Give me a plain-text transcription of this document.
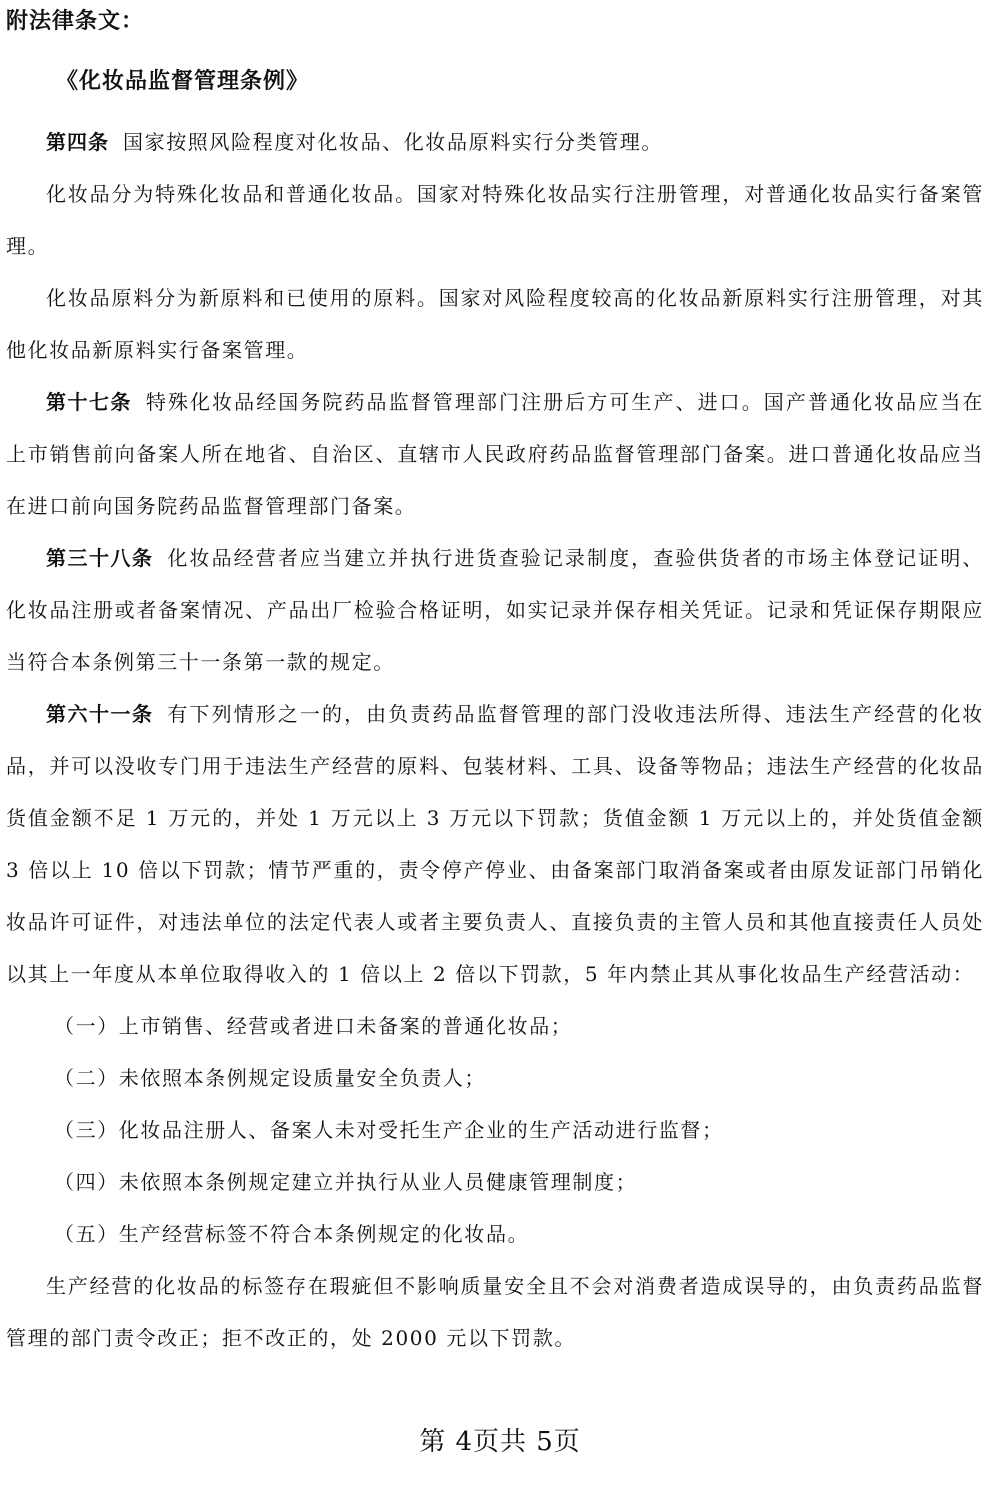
附法律条文：
《化妆品监督管理条例》

第四条 国家按照风险程度对化妆品、化妆品原料实行分类管理。

化妆品分为特殊化妆品和普通化妆品。国家对特殊化妆品实行注册管理，对普通化妆品实行备案管理。

化妆品原料分为新原料和已使用的原料。国家对风险程度较高的化妆品新原料实行注册管理，对其他化妆品新原料实行备案管理。

第十七条 特殊化妆品经国务院药品监督管理部门注册后方可生产、进口。国产普通化妆品应当在上市销售前向备案人所在地省、自治区、直辖市人民政府药品监督管理部门备案。进口普通化妆品应当在进口前向国务院药品监督管理部门备案。

第三十八条 化妆品经营者应当建立并执行进货查验记录制度，查验供货者的市场主体登记证明、化妆品注册或者备案情况、产品出厂检验合格证明，如实记录并保存相关凭证。记录和凭证保存期限应当符合本条例第三十一条第一款的规定。

第六十一条 有下列情形之一的，由负责药品监督管理的部门没收违法所得、违法生产经营的化妆品，并可以没收专门用于违法生产经营的原料、包装材料、工具、设备等物品；违法生产经营的化妆品货值金额不足 1 万元的，并处 1 万元以上 3 万元以下罚款；货值金额 1 万元以上的，并处货值金额 3 倍以上 10 倍以下罚款；情节严重的，责令停产停业、由备案部门取消备案或者由原发证部门吊销化妆品许可证件，对违法单位的法定代表人或者主要负责人、直接负责的主管人员和其他直接责任人员处以其上一年度从本单位取得收入的 1 倍以上 2 倍以下罚款，5 年内禁止其从事化妆品生产经营活动：

（一）上市销售、经营或者进口未备案的普通化妆品；

（二）未依照本条例规定设质量安全负责人；

（三）化妆品注册人、备案人未对受托生产企业的生产活动进行监督；

（四）未依照本条例规定建立并执行从业人员健康管理制度；

（五）生产经营标签不符合本条例规定的化妆品。

生产经营的化妆品的标签存在瑕疵但不影响质量安全且不会对消费者造成误导的，由负责药品监督管理的部门责令改正；拒不改正的，处 2000 元以下罚款。

第 4页共 5页
